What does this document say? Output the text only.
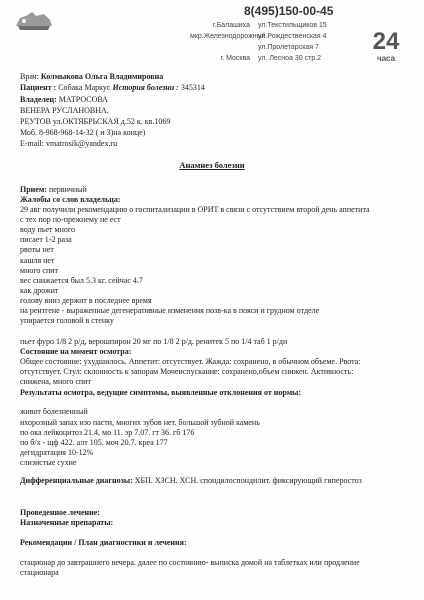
8(495)150-00-45
г.Балашиха
мкр.Железнодорожный

г. Москва
ул.Текстильщиков 15
ул.Рождественская 4
ул.Пролетарская 7
ул. Лесноа 30 стр.2
24
часа
Врач: Колмыкова Ольга Владимировна
Пациент : Собака Маркус История болезни : 345314
Владелец: МАТРОСОВА
ВЕНЕРА РУСЛАНОВНА.
РЕУТОВ ул.ОКТЯБРЬСКАЯ д.52 к. кв.1069
Моб. 8-968-968-14-32 ( и 3)на конце)
E-mail: vmatrosik@yandex.ru
Анамнез болезни
Прием: первичный
Жалобы со слов владельца:
29 авг получили рекомендацию о госпитализации в ОРИТ в связи с отсутствием второй день аппетита
с тех пор по-прежнему не ест
воду пьет много
писает 1-2 раза
рвоты нет
кашля нет
много спит
вес снижается был 5.3 кг. сейчас 4.7
как дрожит
голову вниз держит в последнее время
на рентгене - выраженные дегенеративные изменения позв-ка в пояси и грудном отделе
упирается головой в стенку
пьет фуро 1/8 2 р/д, верошпирон 20 мг по 1/8 2 р/д. ренитек 5 по 1/4 таб 1 р/ди
Состояние на момент осмотра:
Общее состояние: ухудшилось. Аппетит: отсутствует. Жажда: сохранено, в обычном объеме. Рвота:
отсутствует. Стул: склонность к запорам Мочеиспускание: сохранено,объем снижен. Активность:
снижена, много спит
Результаты осмотра, ведущие симптомы, выявленные отклонения от нормы:
живот болезненный
ихорозный запах изо пасти, многих зубов нет. большой зубной камень
по ока лейкоцитоз 21.4, мо 11. эр 7.07. гт 36. гб 176
по б/х - щф 422. алт 105. моч 20.7. креа 177
дегидратация 10-12%
слизистые сухие
Дифференциальные диагнозы: ХБП. ХЗСН. ХСН. спондилоспондилит. фиксирующий гиперостоз
Проведенное лечение:
Назначенные препараты:
Рекомендации / План диагностики и лечения:
стационар до завтрашнего вечера. далее по состоянию- выписка домой на таблетках или продление
стационара
